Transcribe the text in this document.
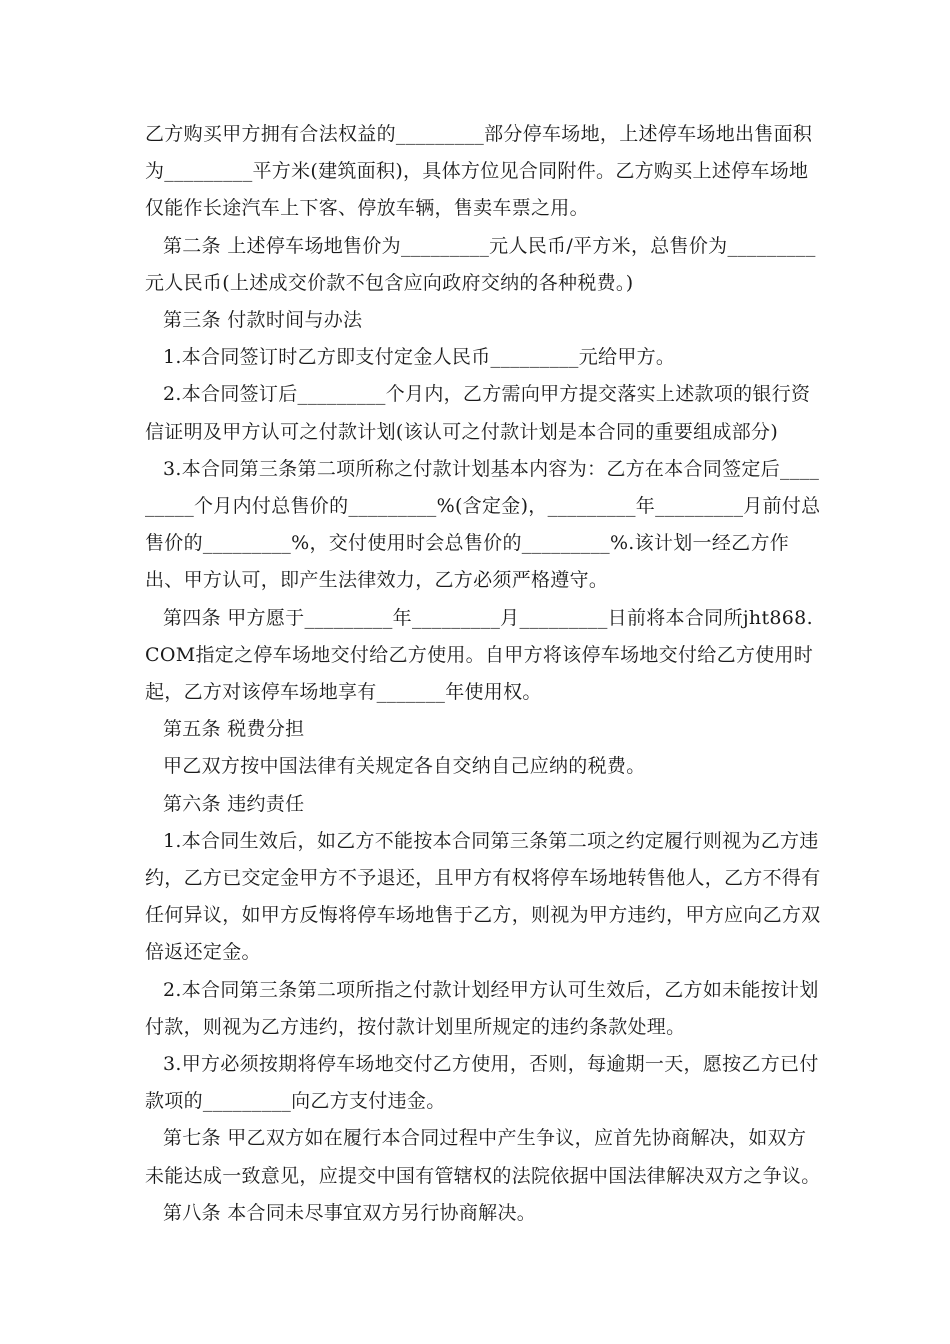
乙方购买甲方拥有合法权益的_________部分停车场地，上述停车场地出售面积为_________平方米(建筑面积)，具体方位见合同附件。乙方购买上述停车场地仅能作长途汽车上下客、停放车辆，售卖车票之用。

第二条 上述停车场地售价为_________元人民币/平方米，总售价为_________元人民币(上述成交价款不包含应向政府交纳的各种税费。)

第三条 付款时间与办法

1.本合同签订时乙方即支付定金人民币_________元给甲方。

2.本合同签订后_________个月内，乙方需向甲方提交落实上述款项的银行资信证明及甲方认可之付款计划(该认可之付款计划是本合同的重要组成部分)

3.本合同第三条第二项所称之付款计划基本内容为：乙方在本合同签定后_________个月内付总售价的_________%(含定金)，_________年_________月前付总售价的_________%，交付使用时会总售价的_________%.该计划一经乙方作出、甲方认可，即产生法律效力，乙方必须严格遵守。

第四条 甲方愿于_________年_________月_________日前将本合同所jht868.COM指定之停车场地交付给乙方使用。自甲方将该停车场地交付给乙方使用时起，乙方对该停车场地享有_______年使用权。

第五条 税费分担

甲乙双方按中国法律有关规定各自交纳自己应纳的税费。

第六条 违约责任

1.本合同生效后，如乙方不能按本合同第三条第二项之约定履行则视为乙方违约，乙方已交定金甲方不予退还，且甲方有权将停车场地转售他人，乙方不得有任何异议，如甲方反悔将停车场地售于乙方，则视为甲方违约，甲方应向乙方双倍返还定金。

2.本合同第三条第二项所指之付款计划经甲方认可生效后，乙方如未能按计划付款，则视为乙方违约，按付款计划里所规定的违约条款处理。

3.甲方必须按期将停车场地交付乙方使用，否则，每逾期一天，愿按乙方已付款项的_________向乙方支付违金。

第七条 甲乙双方如在履行本合同过程中产生争议，应首先协商解决，如双方未能达成一致意见，应提交中国有管辖权的法院依据中国法律解决双方之争议。

第八条 本合同未尽事宜双方另行协商解决。
